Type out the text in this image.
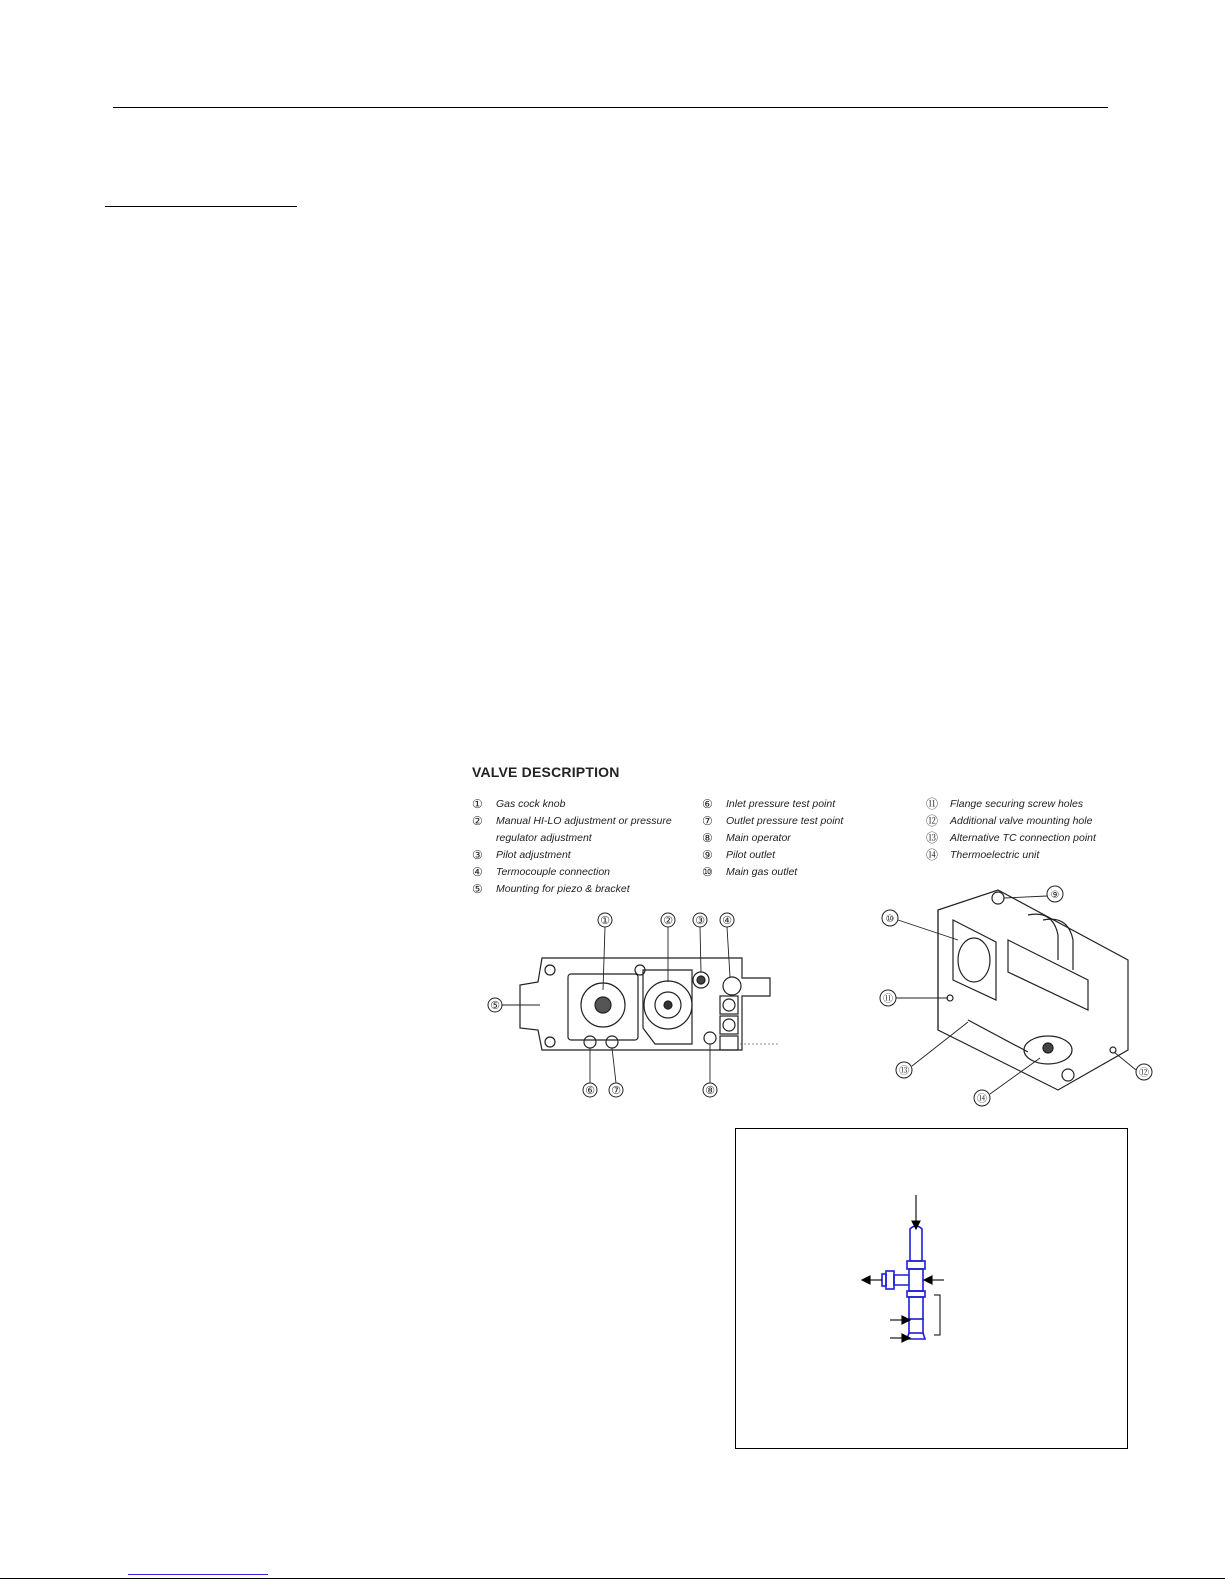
VALVE DESCRIPTION
①	Gas cock knob
②	Manual HI-LO adjustment or pressure regulator adjustment
③	Pilot adjustment
④	Termocouple connection
⑤	Mounting for piezo & bracket
⑥	Inlet pressure test point
⑦	Outlet pressure test point
⑧	Main operator
⑨	Pilot outlet
⑩	Main gas outlet
⑪	Flange securing screw holes
⑫	Additional valve mounting hole
⑬	Alternative TC connection point
⑭	Thermoelectric unit
①	② ③ ④
⑤
⑥ ⑦	⑧
⑨
⑩
⑪
⑫
⑬
⑭
